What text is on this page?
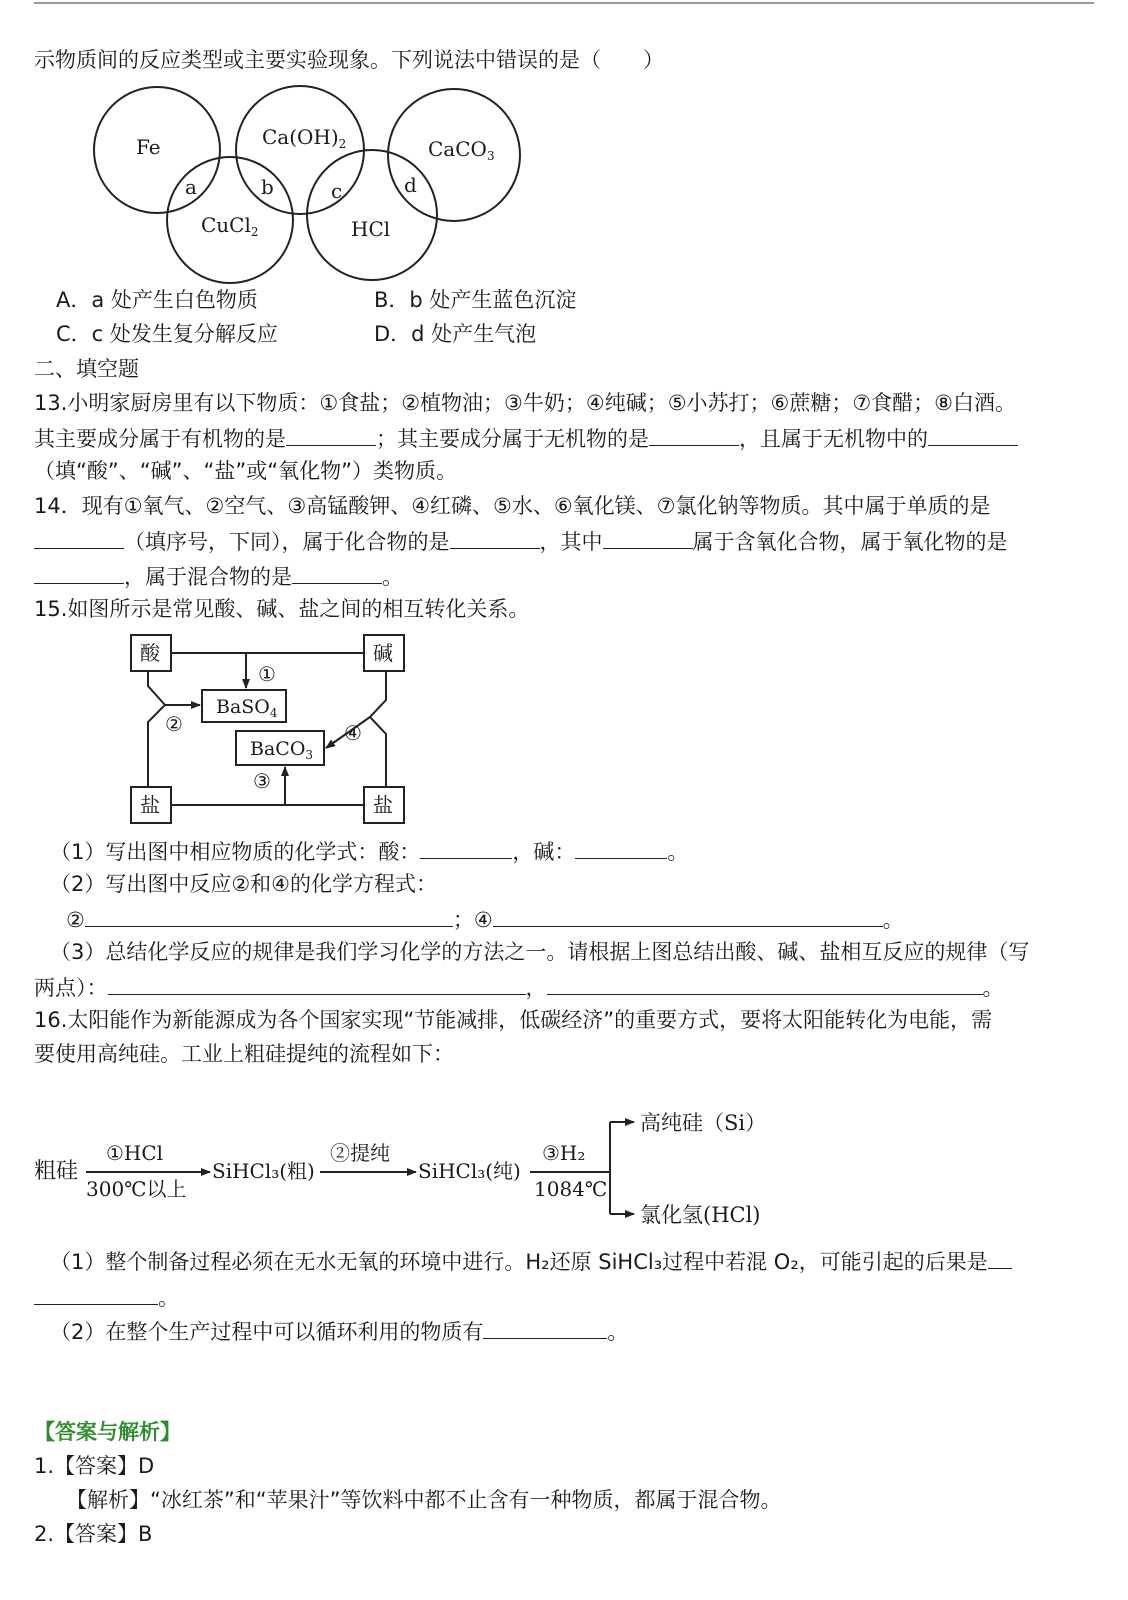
示物质间的反应类型或主要实验现象。下列说法中错误的是（　　）
Fe	$Ca(OH)_2$	CaCO$_3$
CuCl$_2$	HCl
a	b	c	d
A．a 处产生白色物质	B．b 处产生蓝色沉淀
C．c 处发生复分解反应	D．d 处产生气泡
二、填空题
13.小明家厨房里有以下物质：①食盐；②植物油；③牛奶；④纯碱；⑤小苏打；⑥蔗糖；⑦食醋；⑧白酒。
其主要成分属于有机物的是	；其主要成分属于无机物的是	，且属于无机物中的
（填“酸”、“碱”、“盐”或“氧化物”）类物质。
14．现有①氧气、②空气、③高锰酸钾、④红磷、⑤水、⑥氧化镁、⑦氯化钠等物质。其中属于单质的是
（填序号，下同），属于化合物的是	，其中	属于含氧化合物，属于氧化物的是
，属于混合物的是	。
15.如图所示是常见酸、碱、盐之间的相互转化关系。
酸	碱
盐	盐
BaSO$_4$
BaCO$_3$
①
②
③
④
（1）写出图中相应物质的化学式：酸：	，碱：	。
（2）写出图中反应②和④的化学方程式：
②	；④	。
（3）总结化学反应的规律是我们学习化学的方法之一。请根据上图总结出酸、碱、盐相互反应的规律（写
两点）：	，	。
16.太阳能作为新能源成为各个国家实现“节能减排，低碳经济”的重要方式，要将太阳能转化为电能，需
要使用高纯硅。工业上粗硅提纯的流程如下：
粗硅
①HCl
300℃以上
SiHCl₃(粗)
②提纯
SiHCl₃(纯)
③H₂
1084℃
高纯硅（Si）
氯化氢(HCl)
（1）整个制备过程必须在无水无氧的环境中进行。H₂还原 SiHCl₃过程中若混 O₂，可能引起的后果是
。
（2）在整个生产过程中可以循环利用的物质有	。
【答案与解析】
1.【答案】D
【解析】“冰红茶”和“苹果汁”等饮料中都不止含有一种物质，都属于混合物。
2.【答案】B
